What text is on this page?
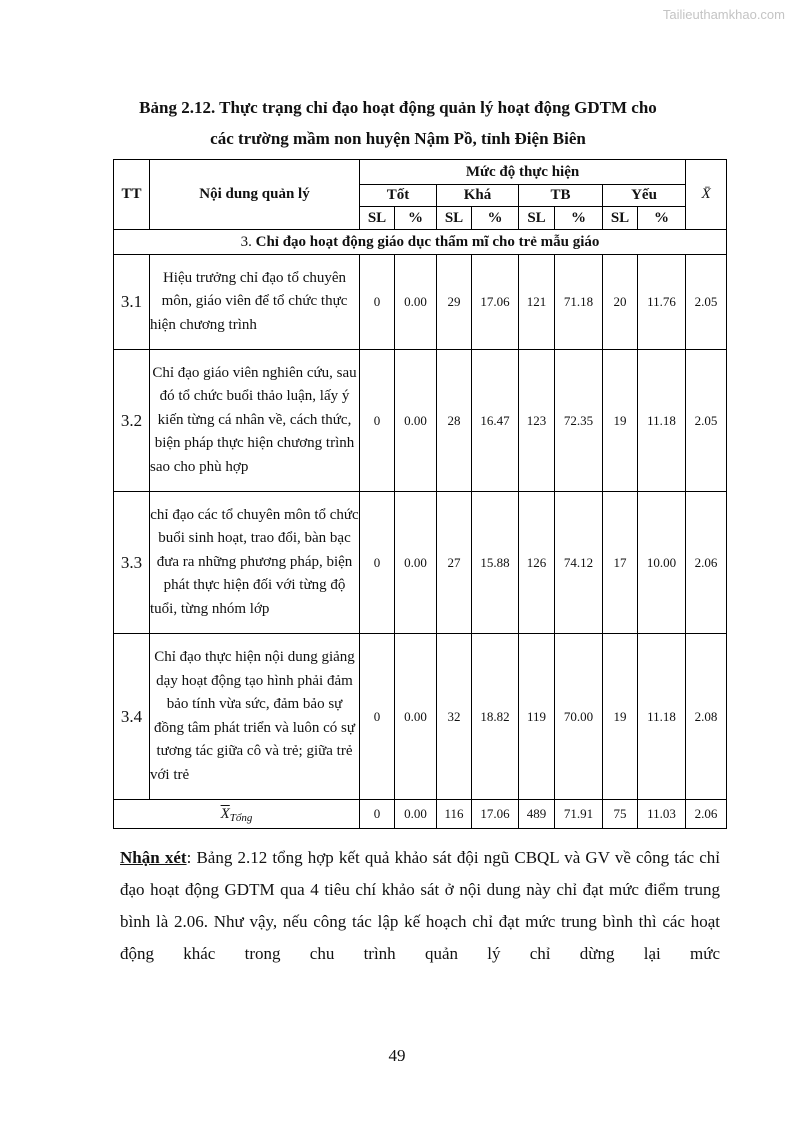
Tailieuthamkhao.com
Bảng 2.12. Thực trạng chỉ đạo hoạt động quản lý hoạt động GDTM cho
các trường mầm non huyện Nậm Pồ, tỉnh Điện Biên
TT	Nội dung quản lý	Mức độ thực hiện								X̄
		Tốt		Khá		TB		Yếu		
		SL	%	SL	%	SL	%	SL	%	
3. Chỉ đạo hoạt động giáo dục thẩm mĩ cho trẻ mẫu giáo										
3.1	Hiệu trưởng chỉ đạo tổ chuyên môn, giáo viên để tổ chức thực hiện chương trình	0	0.00	29	17.06	121	71.18	20	11.76	2.05
3.2	Chỉ đạo giáo viên nghiên cứu, sau đó tổ chức buổi thảo luận, lấy ý kiến từng cá nhân về, cách thức, biện pháp thực hiện chương trình sao cho phù hợp	0	0.00	28	16.47	123	72.35	19	11.18	2.05
3.3	chỉ đạo các tổ chuyên môn tổ chức buổi sinh hoạt, trao đổi, bàn bạc đưa ra những phương pháp, biện phát thực hiện đối với từng độ tuổi, từng nhóm lớp	0	0.00	27	15.88	126	74.12	17	10.00	2.06
3.4	Chỉ đạo thực hiện nội dung giảng dạy hoạt động tạo hình phải đảm bảo tính vừa sức, đảm bảo sự đồng tâm phát triển và luôn có sự tương tác giữa cô và trẻ; giữa trẻ với trẻ	0	0.00	32	18.82	119	70.00	19	11.18	2.08
$\overline{X}_{Tổng}$		0	0.00	116	17.06	489	71.91	75	11.03	2.06
Nhận xét: Bảng 2.12 tổng hợp kết quả khảo sát đội ngũ CBQL và GV về công tác chỉ đạo hoạt động GDTM qua 4 tiêu chí khảo sát ở nội dung này chỉ đạt mức điểm trung bình là 2.06. Như vậy, nếu công tác lập kế hoạch chỉ đạt mức trung bình thì các hoạt động khác trong chu trình quản lý chỉ dừng lại mức
49
